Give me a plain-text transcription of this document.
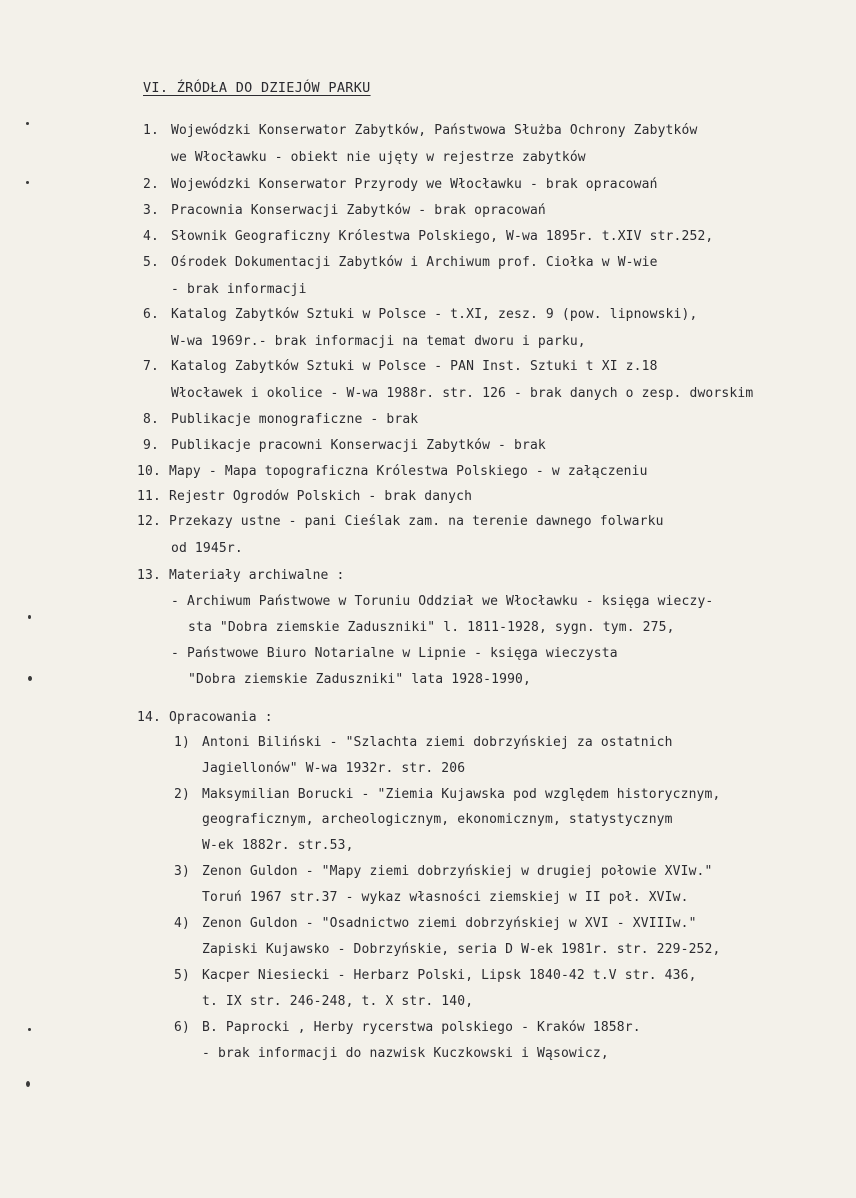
VI. ŹRÓDŁA DO DZIEJÓW PARKU
1. Wojewódzki Konserwator Zabytków, Państwowa Służba Ochrony Zabytków
we Włocławku - obiekt nie ujęty w rejestrze zabytków
2. Wojewódzki Konserwator Przyrody we Włocławku - brak opracowań
3. Pracownia Konserwacji Zabytków - brak opracowań
4. Słownik Geograficzny Królestwa Polskiego, W-wa 1895r. t.XIV str.252,
5. Ośrodek Dokumentacji Zabytków i Archiwum prof. Ciołka w W-wie
- brak informacji
6. Katalog Zabytków Sztuki w Polsce - t.XI, zesz. 9 (pow. lipnowski),
W-wa 1969r.- brak informacji na temat dworu i parku,
7. Katalog Zabytków Sztuki w Polsce - PAN Inst. Sztuki t XI z.18
Włocławek i okolice - W-wa 1988r. str. 126 - brak danych o zesp. dworskim
8. Publikacje monograficzne - brak
9. Publikacje pracowni Konserwacji Zabytków - brak
10. Mapy - Mapa topograficzna Królestwa Polskiego - w załączeniu
11. Rejestr Ogrodów Polskich - brak danych
12. Przekazy ustne - pani Cieślak zam. na terenie dawnego folwarku
od 1945r.
13. Materiały archiwalne :
- Archiwum Państwowe w Toruniu Oddział we Włocławku - księga wieczy-
sta "Dobra ziemskie Zaduszniki" l. 1811-1928, sygn. tym. 275,
- Państwowe Biuro Notarialne w Lipnie - księga wieczysta
"Dobra ziemskie Zaduszniki" lata 1928-1990,
14. Opracowania :
1) Antoni Biliński - "Szlachta ziemi dobrzyńskiej za ostatnich
Jagiellonów" W-wa 1932r. str. 206
2) Maksymilian Borucki - "Ziemia Kujawska pod względem historycznym,
geograficznym, archeologicznym, ekonomicznym, statystycznym
W-ek 1882r. str.53,
3) Zenon Guldon - "Mapy ziemi dobrzyńskiej w drugiej połowie XVIw."
Toruń 1967 str.37 - wykaz własności ziemskiej w II poł. XVIw.
4) Zenon Guldon - "Osadnictwo ziemi dobrzyńskiej w XVI - XVIIIw."
Zapiski Kujawsko - Dobrzyńskie, seria D W-ek 1981r. str. 229-252,
5) Kacper Niesiecki - Herbarz Polski, Lipsk 1840-42 t.V str. 436,
t. IX str. 246-248, t. X str. 140,
6) B. Paprocki , Herby rycerstwa polskiego - Kraków 1858r.
- brak informacji do nazwisk Kuczkowski i Wąsowicz,
